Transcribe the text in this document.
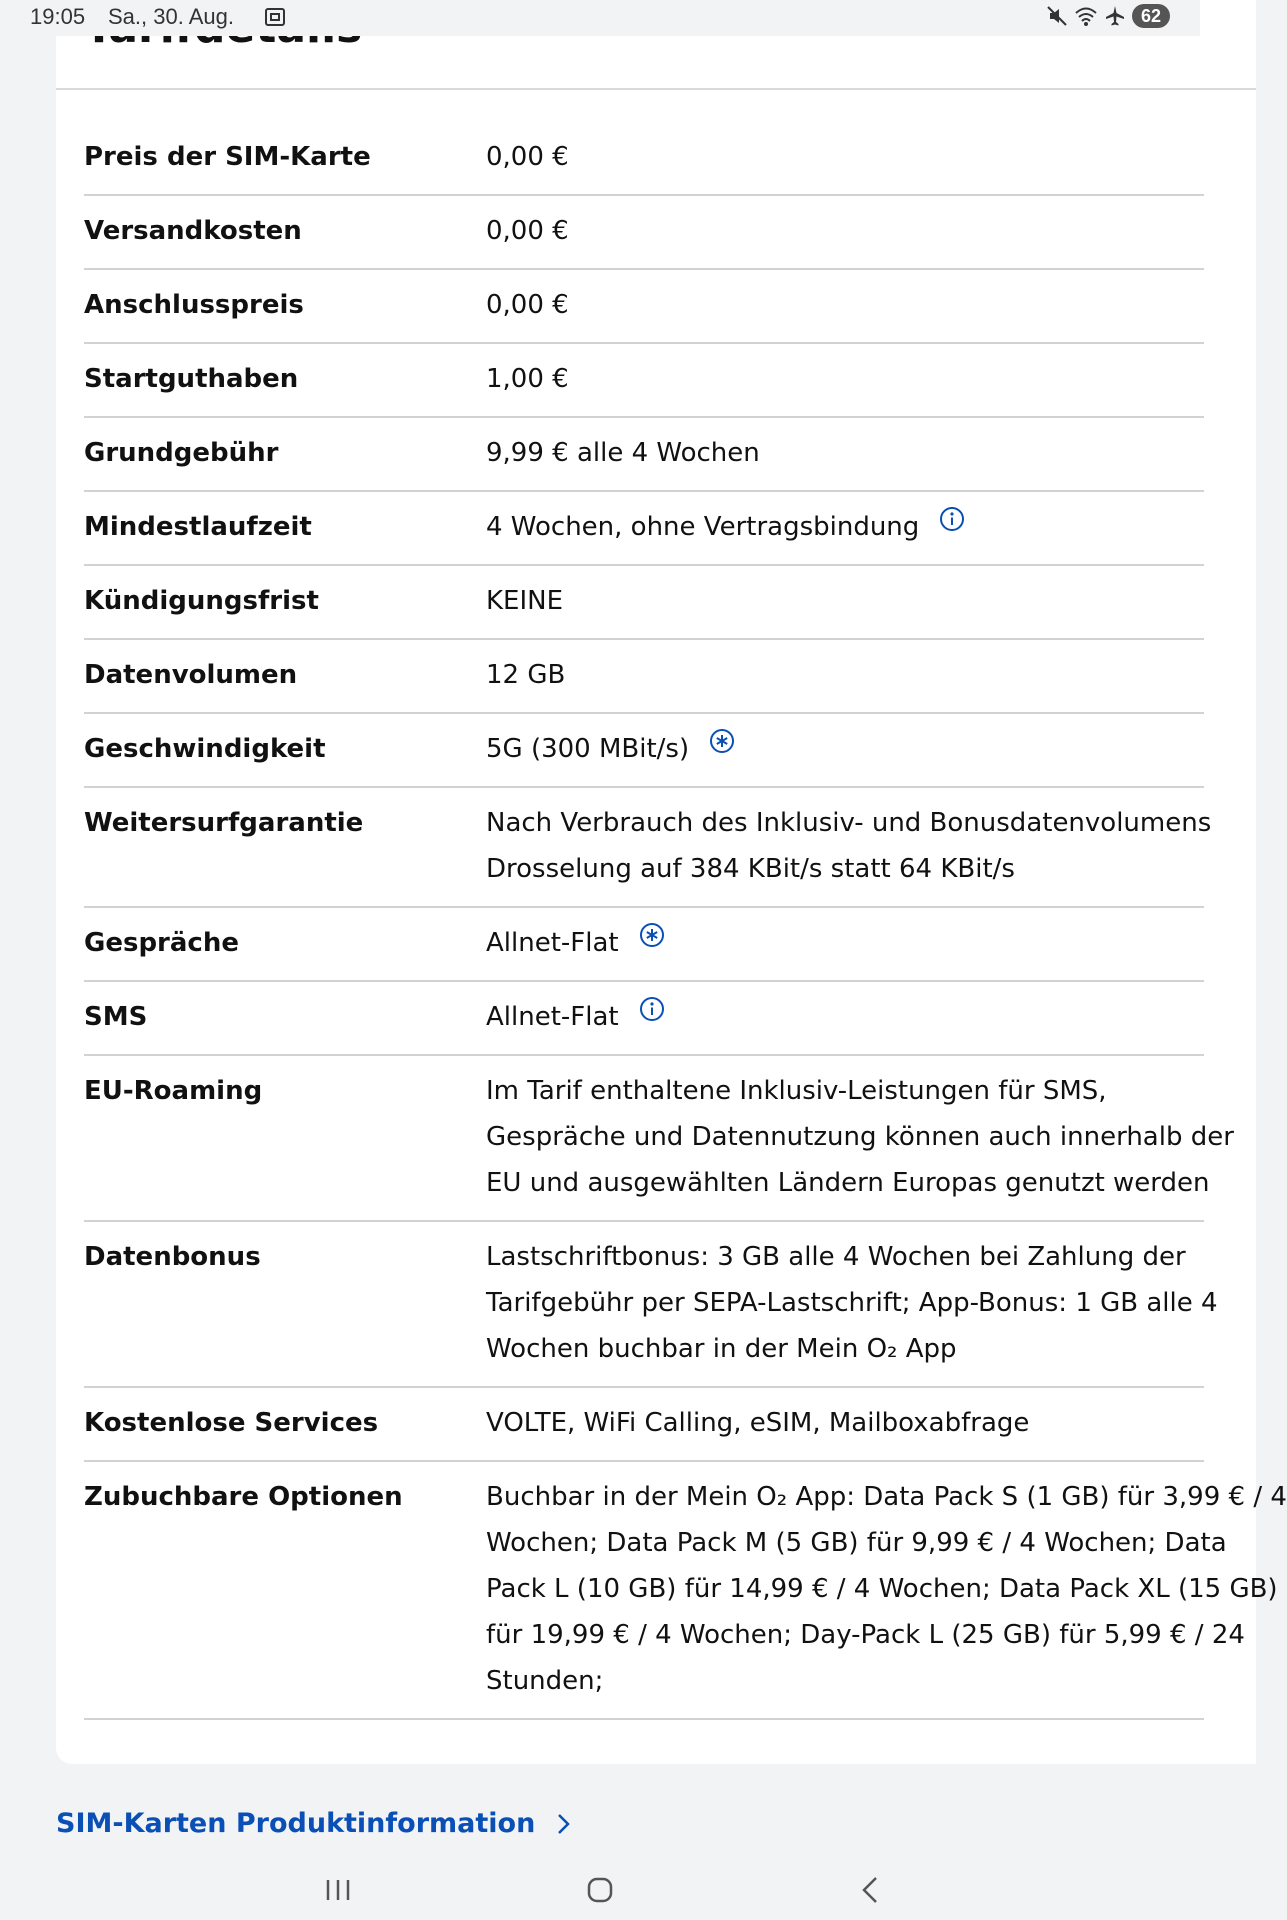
19:05 Sa., 30. Aug.	62
Preis der SIM-Karte	0,00 €
Versandkosten	0,00 €
Anschlusspreis	0,00 €
Startguthaben	1,00 €
Grundgebühr	9,99 € alle 4 Wochen
Mindestlaufzeit	4 Wochen, ohne Vertragsbindung
Kündigungsfrist	KEINE
Datenvolumen	12 GB
Geschwindigkeit	5G (300 MBit/s)
Weitersurfgarantie	Nach Verbrauch des Inklusiv- und Bonusdatenvolumens
Drosselung auf 384 KBit/s statt 64 KBit/s
Gespräche	Allnet-Flat
SMS	Allnet-Flat
EU-Roaming	Im Tarif enthaltene Inklusiv-Leistungen für SMS,
Gespräche und Datennutzung können auch innerhalb der
EU und ausgewählten Ländern Europas genutzt werden
Datenbonus	Lastschriftbonus: 3 GB alle 4 Wochen bei Zahlung der
Tarifgebühr per SEPA-Lastschrift; App-Bonus: 1 GB alle 4
Wochen buchbar in der Mein O₂ App
Kostenlose Services	VOLTE, WiFi Calling, eSIM, Mailboxabfrage
Zubuchbare Optionen	Buchbar in der Mein O₂ App: Data Pack S (1 GB) für 3,99 € / 4
Wochen; Data Pack M (5 GB) für 9,99 € / 4 Wochen; Data
Pack L (10 GB) für 14,99 € / 4 Wochen; Data Pack XL (15 GB)
für 19,99 € / 4 Wochen; Day-Pack L (25 GB) für 5,99 € / 24
Stunden;
SIM-Karten Produktinformation
